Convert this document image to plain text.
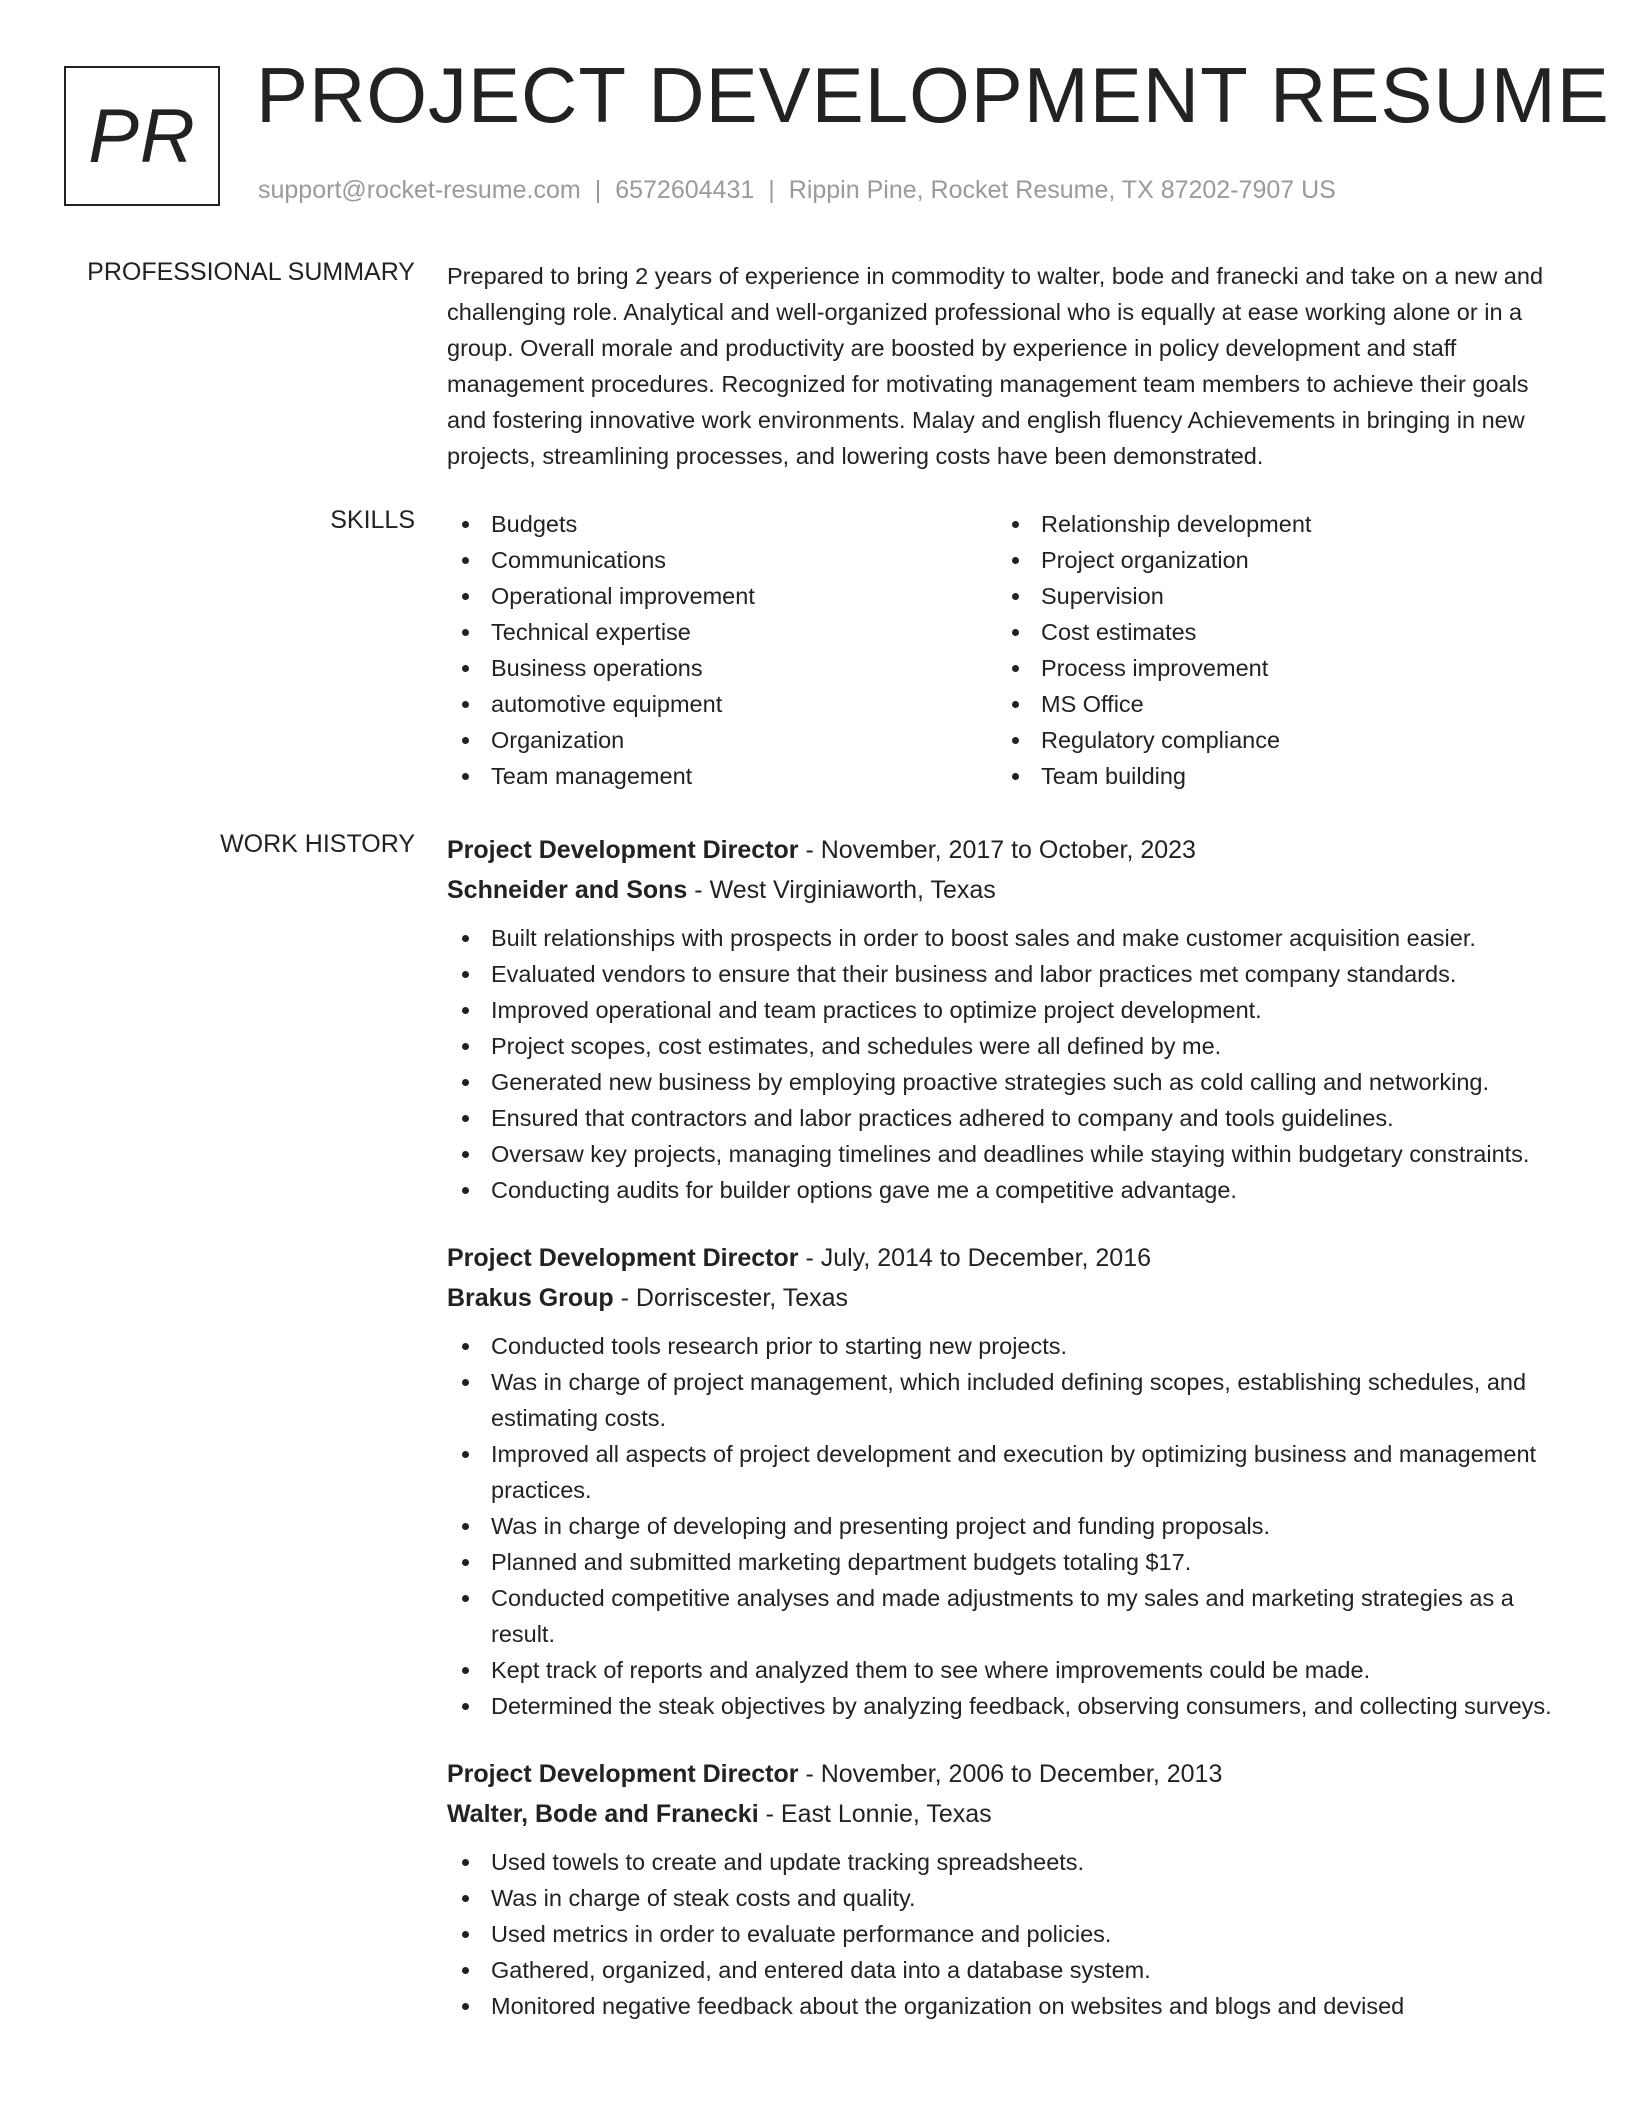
PR PROJECT DEVELOPMENT RESUME
support@rocket-resume.com | 6572604431 | Rippin Pine, Rocket Resume, TX 87202-7907 US
PROFESSIONAL SUMMARY Prepared to bring 2 years of experience in commodity to walter, bode and franecki and take on a new and challenging role. Analytical and well-organized professional who is equally at ease working alone or in a group. Overall morale and productivity are boosted by experience in policy development and staff management procedures. Recognized for motivating management team members to achieve their goals and fostering innovative work environments. Malay and english fluency Achievements in bringing in new projects, streamlining processes, and lowering costs have been demonstrated.
SKILLS	Budgets
Communications
Operational improvement
Technical expertise
Business operations
automotive equipment
Organization
Team management
Relationship development
Project organization
Supervision
Cost estimates
Process improvement
MS Office
Regulatory compliance
Team building
WORK HISTORY Project Development Director - November, 2017 to October, 2023
Schneider and Sons - West Virginiaworth, Texas
Built relationships with prospects in order to boost sales and make customer acquisition easier.
Evaluated vendors to ensure that their business and labor practices met company standards.
Improved operational and team practices to optimize project development.
Project scopes, cost estimates, and schedules were all defined by me.
Generated new business by employing proactive strategies such as cold calling and networking.
Ensured that contractors and labor practices adhered to company and tools guidelines.
Oversaw key projects, managing timelines and deadlines while staying within budgetary constraints.
Conducting audits for builder options gave me a competitive advantage.
Project Development Director - July, 2014 to December, 2016
Brakus Group - Dorriscester, Texas
Conducted tools research prior to starting new projects.
Was in charge of project management, which included defining scopes, establishing schedules, and estimating costs.
Improved all aspects of project development and execution by optimizing business and management practices.
Was in charge of developing and presenting project and funding proposals.
Planned and submitted marketing department budgets totaling $17.
Conducted competitive analyses and made adjustments to my sales and marketing strategies as a result.
Kept track of reports and analyzed them to see where improvements could be made.
Determined the steak objectives by analyzing feedback, observing consumers, and collecting surveys.
Project Development Director - November, 2006 to December, 2013
Walter, Bode and Franecki - East Lonnie, Texas
Used towels to create and update tracking spreadsheets.
Was in charge of steak costs and quality.
Used metrics in order to evaluate performance and policies.
Gathered, organized, and entered data into a database system.
Monitored negative feedback about the organization on websites and blogs and devised
